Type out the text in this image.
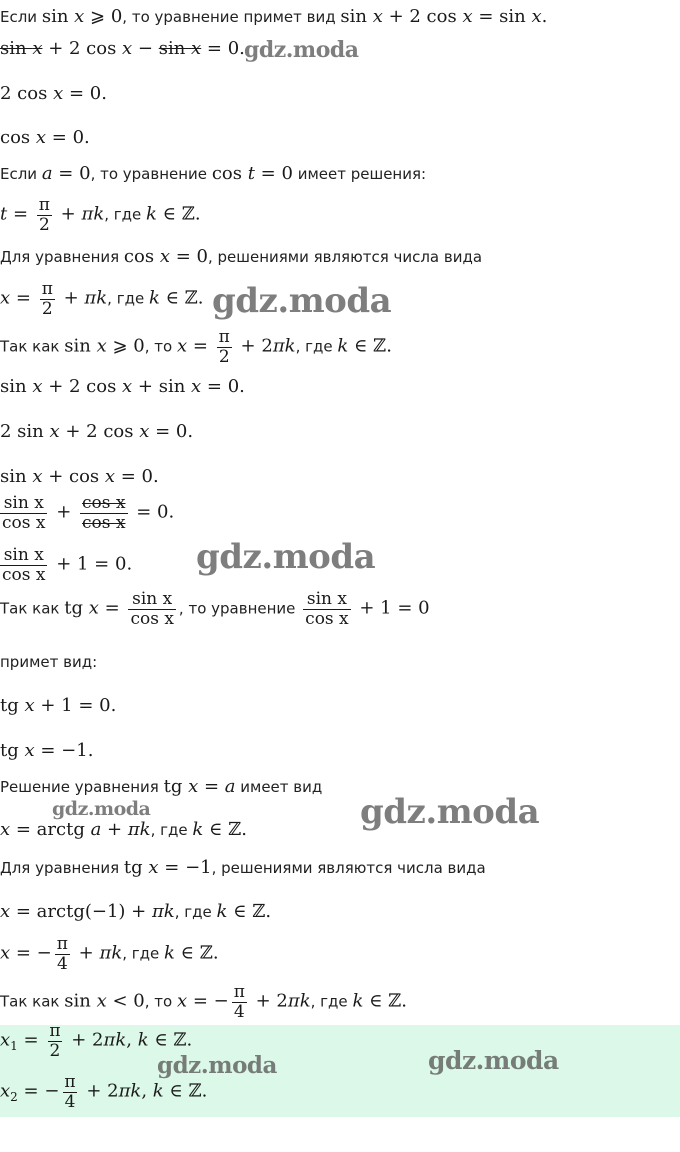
Если sin x ⩾ 0, то уравнение примет вид sin x + 2 cos x = sin x.
sin x + 2 cos x − sin x = 0.
2 cos x = 0.
cos x = 0.
Если a = 0, то уравнение cos t = 0 имеет решения:
$t = \frac{\pi}{2} + \pi k$, где k ∈ ℤ.
Для уравнения cos x = 0, решениями являются числа вида
$x = \frac{\pi}{2} + \pi k$, где k ∈ ℤ.
Так как sin x ⩾ 0, то $x = \frac{\pi}{2} + 2\pi k$, где k ∈ ℤ.
sin x + 2 cos x + sin x = 0.
2 sin x + 2 cos x = 0.
sin x + cos x = 0.
$\frac{\text{sin x}}{\text{cos x}} + \frac{\text{cos x}}{\text{cos x}} = 0$.
$\frac{\text{sin x}}{\text{cos x}} + 1 = 0$.
Так как tg $x = \frac{\text{sin x}}{\text{cos x}}$ , то уравнение $\frac{\text{sin x}}{\text{cos x}} + 1 = 0$
примет вид:
tg x + 1 = 0.
tg x = −1.
Решение уравнения tg x = a имеет вид
x = arctg a + πk, где k ∈ ℤ.
Для уравнения tg x = −1, решениями являются числа вида
x = arctg(−1) + πk, где k ∈ ℤ.
x = − $\frac{\pi}{4} + \pi k$, где k ∈ ℤ.
Так как sin x < 0, то x = − $\frac{\pi}{4} + 2\pi k$, где k ∈ ℤ.
$x_1 = \frac{\pi}{2} + 2\pi k$, k ∈ ℤ.
$x_2$ = − $\frac{\pi}{4} + 2\pi k$, k ∈ ℤ.
gdz.moda
gdz.moda
gdz.moda
gdz.moda	gdz.moda
gdz.moda	gdz.moda
